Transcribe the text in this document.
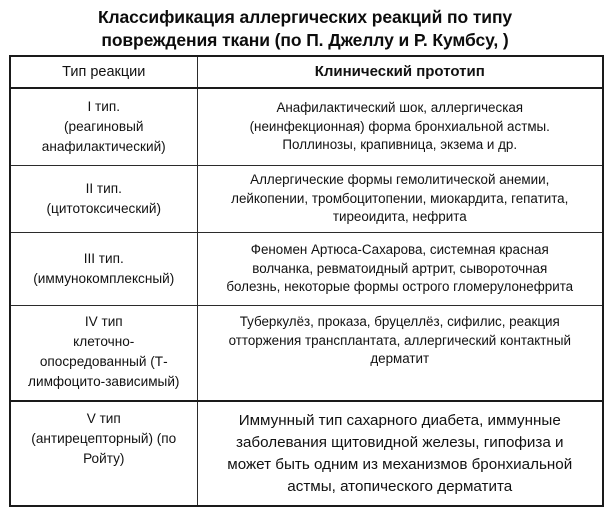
Классификация аллергических реакций по типу
повреждения ткани (по П. Джеллу и Р. Кумбсу, )
Тип реакции	Клинический прототип

I тип.
(реагиновый
анафилактический)	Анафилактический шок, аллергическая
(неинфекционная) форма бронхиальной астмы.
Поллинозы, крапивница, экзема и др.

II тип.
(цитотоксический)	Аллергические формы гемолитической анемии,
лейкопении, тромбоцитопении, миокардита, гепатита,
тиреоидита, нефрита

III тип.
(иммунокомплексный)	Феномен Артюса-Сахарова, системная красная
волчанка, ревматоидный артрит, сывороточная
болезнь, некоторые формы острого гломерулонефрита

IV тип
клеточно-
опосредованный (Т-
лимфоцито-зависимый)	Туберкулёз, проказа, бруцеллёз, сифилис, реакция
отторжения трансплантата, аллергический контактный
дерматит

V тип
(антирецепторный) (по
Ройту)	Иммунный тип сахарного диабета, иммунные
заболевания щитовидной железы, гипофиза и
может быть одним из механизмов бронхиальной
астмы, атопического дерматита
